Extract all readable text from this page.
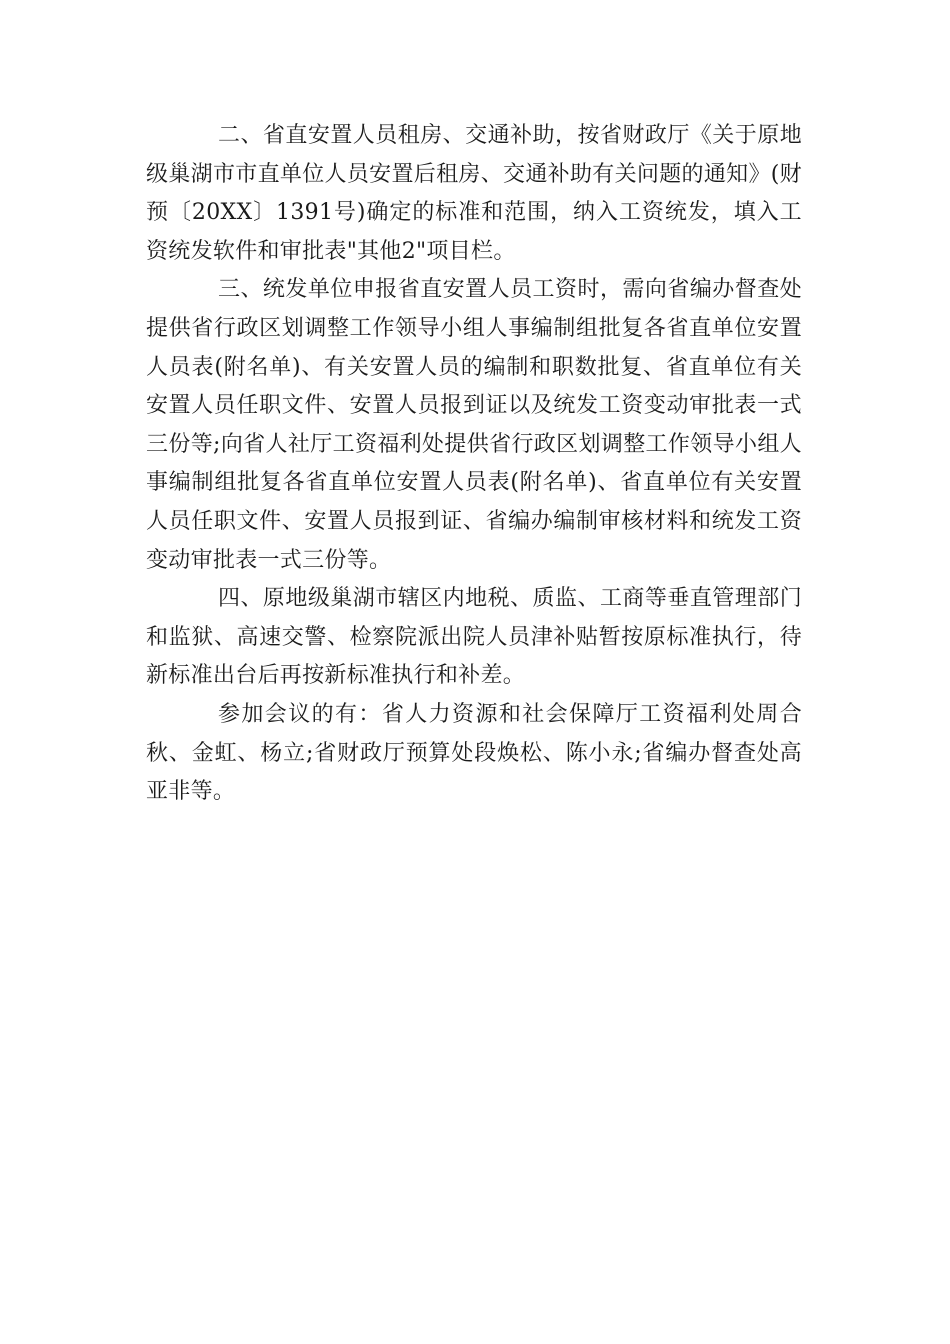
二、省直安置人员租房、交通补助，按省财政厅《关于原地级巢湖市市直单位人员安置后租房、交通补助有关问题的通知》(财预〔20XX〕1391号)确定的标准和范围，纳入工资统发，填入工资统发软件和审批表"其他2"项目栏。

三、统发单位申报省直安置人员工资时，需向省编办督查处提供省行政区划调整工作领导小组人事编制组批复各省直单位安置人员表(附名单)、有关安置人员的编制和职数批复、省直单位有关安置人员任职文件、安置人员报到证以及统发工资变动审批表一式三份等;向省人社厅工资福利处提供省行政区划调整工作领导小组人事编制组批复各省直单位安置人员表(附名单)、省直单位有关安置人员任职文件、安置人员报到证、省编办编制审核材料和统发工资变动审批表一式三份等。

四、原地级巢湖市辖区内地税、质监、工商等垂直管理部门和监狱、高速交警、检察院派出院人员津补贴暂按原标准执行，待新标准出台后再按新标准执行和补差。

参加会议的有：省人力资源和社会保障厅工资福利处周合秋、金虹、杨立;省财政厅预算处段焕松、陈小永;省编办督查处高亚非等。
